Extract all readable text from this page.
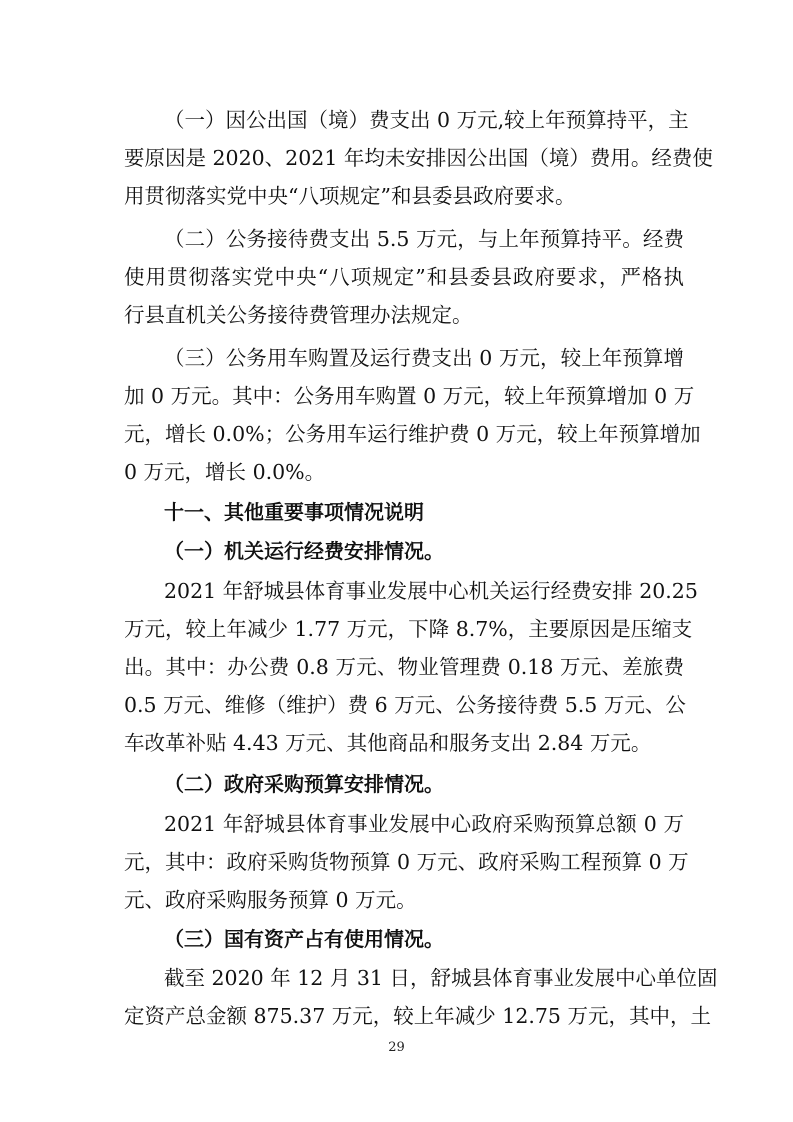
（一）因公出国（境）费支出 0 万元,较上年预算持平，主
要原因是 2020、2021 年均未安排因公出国（境）费用。经费使
用贯彻落实党中央“八项规定”和县委县政府要求。
（二）公务接待费支出 5.5 万元，与上年预算持平。经费
使用贯彻落实党中央“八项规定”和县委县政府要求，严格执
行县直机关公务接待费管理办法规定。
（三）公务用车购置及运行费支出 0 万元，较上年预算增
加 0 万元。其中：公务用车购置 0 万元，较上年预算增加 0 万
元，增长 0.0%；公务用车运行维护费 0 万元，较上年预算增加
0 万元，增长 0.0%。
十一、其他重要事项情况说明
（一）机关运行经费安排情况。
2021 年舒城县体育事业发展中心机关运行经费安排 20.25
万元，较上年减少 1.77 万元，下降 8.7%，主要原因是压缩支
出。其中：办公费 0.8 万元、物业管理费 0.18 万元、差旅费
0.5 万元、维修（维护）费 6 万元、公务接待费 5.5 万元、公
车改革补贴 4.43 万元、其他商品和服务支出 2.84 万元。
（二）政府采购预算安排情况。
2021 年舒城县体育事业发展中心政府采购预算总额 0 万
元，其中：政府采购货物预算 0 万元、政府采购工程预算 0 万
元、政府采购服务预算 0 万元。
（三）国有资产占有使用情况。
截至 2020 年 12 月 31 日，舒城县体育事业发展中心单位固
定资产总金额 875.37 万元，较上年减少 12.75 万元，其中，土
29
